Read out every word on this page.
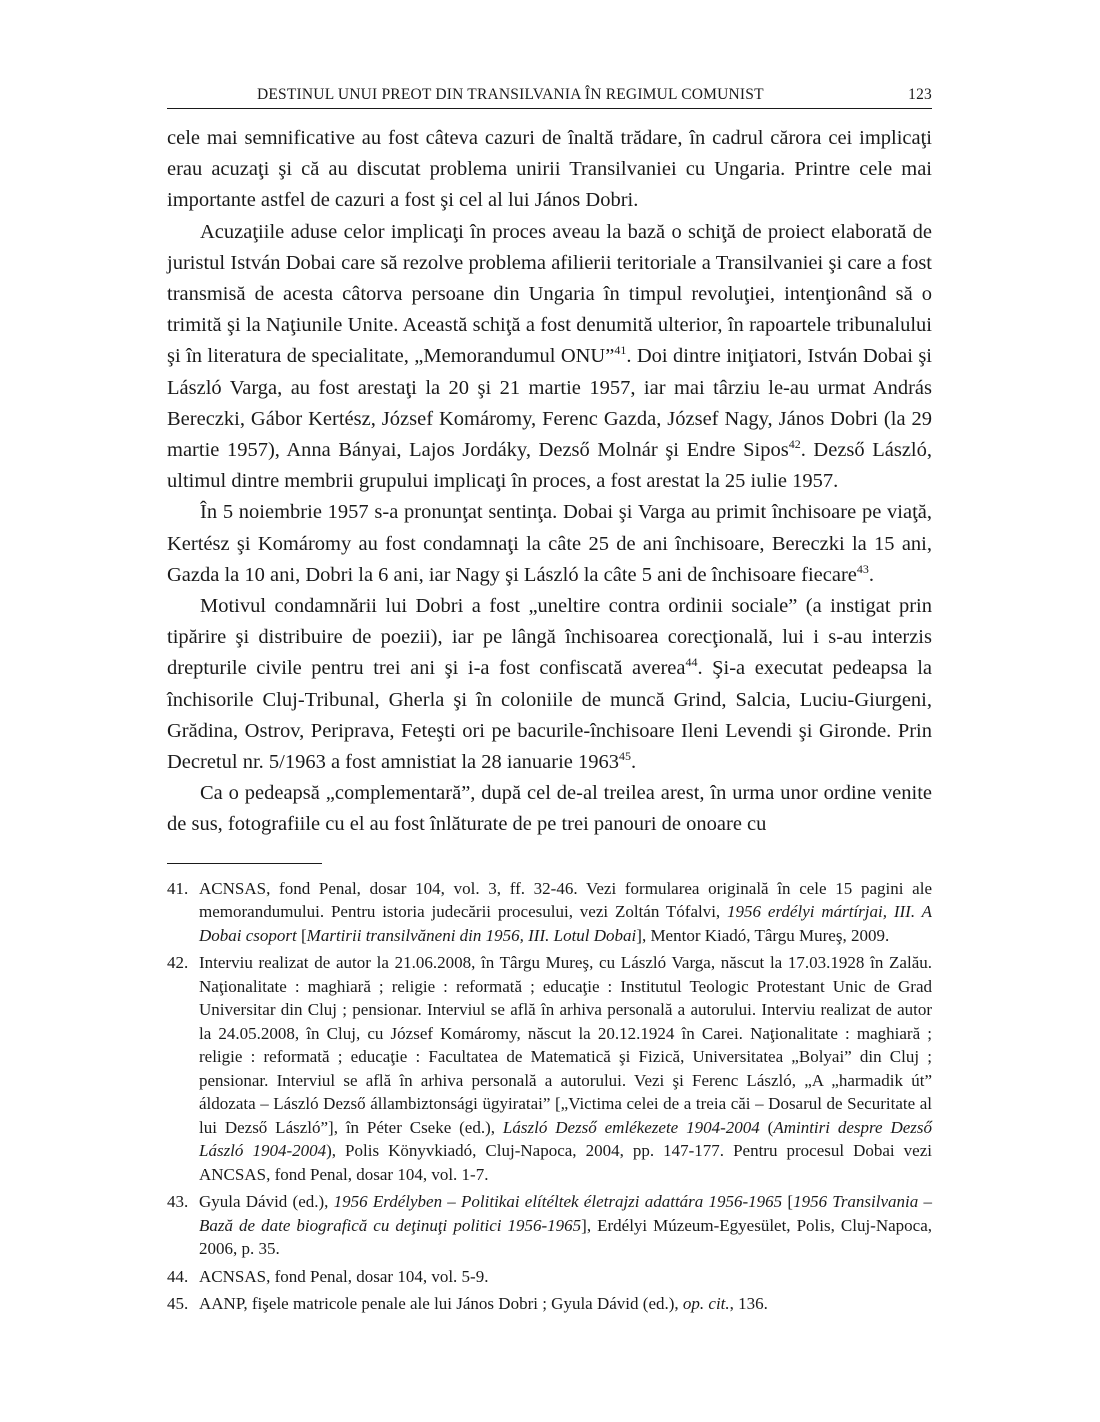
DESTINUL UNUI PREOT DIN TRANSILVANIA ÎN REGIMUL COMUNIST	123

cele mai semnificative au fost câteva cazuri de înaltă trădare, în cadrul cărora cei implicaţi erau acuzaţi şi că au discutat problema unirii Transilvaniei cu Ungaria. Printre cele mai importante astfel de cazuri a fost şi cel al lui János Dobri.

Acuzaţiile aduse celor implicaţi în proces aveau la bază o schiţă de proiect elaborată de juristul István Dobai care să rezolve problema afilierii teritoriale a Transilvaniei şi care a fost transmisă de acesta câtorva persoane din Ungaria în timpul revoluţiei, intenţionând să o trimită şi la Naţiunile Unite. Această schiţă a fost denumită ulterior, în rapoartele tribunalului şi în literatura de specialitate, „Memorandumul ONU”$^{41}$. Doi dintre iniţiatori, István Dobai şi László Varga, au fost arestaţi la 20 şi 21 martie 1957, iar mai târziu le-au urmat András Bereczki, Gábor Kertész, József Komáromy, Ferenc Gazda, József Nagy, János Dobri (la 29 martie 1957), Anna Bányai, Lajos Jordáky, Dezső Molnár şi Endre Sipos$^{42}$. Dezső László, ultimul dintre membrii grupului implicaţi în proces, a fost arestat la 25 iulie 1957.

În 5 noiembrie 1957 s-a pronunţat sentinţa. Dobai şi Varga au primit închisoare pe viaţă, Kertész şi Komáromy au fost condamnaţi la câte 25 de ani închisoare, Bereczki la 15 ani, Gazda la 10 ani, Dobri la 6 ani, iar Nagy şi László la câte 5 ani de închisoare fiecare$^{43}$.

Motivul condamnării lui Dobri a fost „uneltire contra ordinii sociale” (a instigat prin tipărire şi distribuire de poezii), iar pe lângă închisoarea corecţională, lui i s-au interzis drepturile civile pentru trei ani şi i-a fost confiscată averea$^{44}$. Şi-a executat pedeapsa la închisorile Cluj-Tribunal, Gherla şi în coloniile de muncă Grind, Salcia, Luciu-Giurgeni, Grădina, Ostrov, Periprava, Feteşti ori pe bacurile-închisoare Ileni Levendi şi Gironde. Prin Decretul nr. 5/1963 a fost amnistiat la 28 ianuarie 1963$^{45}$.

Ca o pedeapsă „complementară”, după cel de-al treilea arest, în urma unor ordine venite de sus, fotografiile cu el au fost înlăturate de pe trei panouri de onoare cu

41. ACNSAS, fond Penal, dosar 104, vol. 3, ff. 32-46. Vezi formularea originală în cele 15 pagini ale memorandumului. Pentru istoria judecării procesului, vezi Zoltán Tófalvi, 1956 erdélyi mártírjai, III. A Dobai csoport [Martirii transilvăneni din 1956, III. Lotul Dobai], Mentor Kiadó, Târgu Mureş, 2009.
42. Interviu realizat de autor la 21.06.2008, în Târgu Mureş, cu László Varga, născut la 17.03.1928 în Zalău. Naţionalitate : maghiară ; religie : reformată ; educaţie : Institutul Teologic Protestant Unic de Grad Universitar din Cluj ; pensionar. Interviul se află în arhiva personală a autorului. Interviu realizat de autor la 24.05.2008, în Cluj, cu József Komáromy, născut la 20.12.1924 în Carei. Naţionalitate : maghiară ; religie : reformată ; educaţie : Facultatea de Matematică şi Fizică, Universitatea „Bolyai” din Cluj ; pensionar. Interviul se află în arhiva personală a autorului. Vezi şi Ferenc László, „A „harmadik út” áldozata – László Dezső állambiztonsági ügyiratai” [„Victima celei de a treia căi – Dosarul de Securitate al lui Dezső László”], în Péter Cseke (ed.), László Dezső emlékezete 1904-2004 (Amintiri despre Dezső László 1904-2004), Polis Könyvkiadó, Cluj-Napoca, 2004, pp. 147-177. Pentru procesul Dobai vezi ANCSAS, fond Penal, dosar 104, vol. 1-7.
43. Gyula Dávid (ed.), 1956 Erdélyben – Politikai elítéltek életrajzi adattára 1956-1965 [1956 Transilvania – Bază de date biografică cu deţinuţi politici 1956-1965], Erdélyi Múzeum-Egyesület, Polis, Cluj-Napoca, 2006, p. 35.
44. ACNSAS, fond Penal, dosar 104, vol. 5-9.
45. AANP, fişele matricole penale ale lui János Dobri ; Gyula Dávid (ed.), op. cit., 136.
